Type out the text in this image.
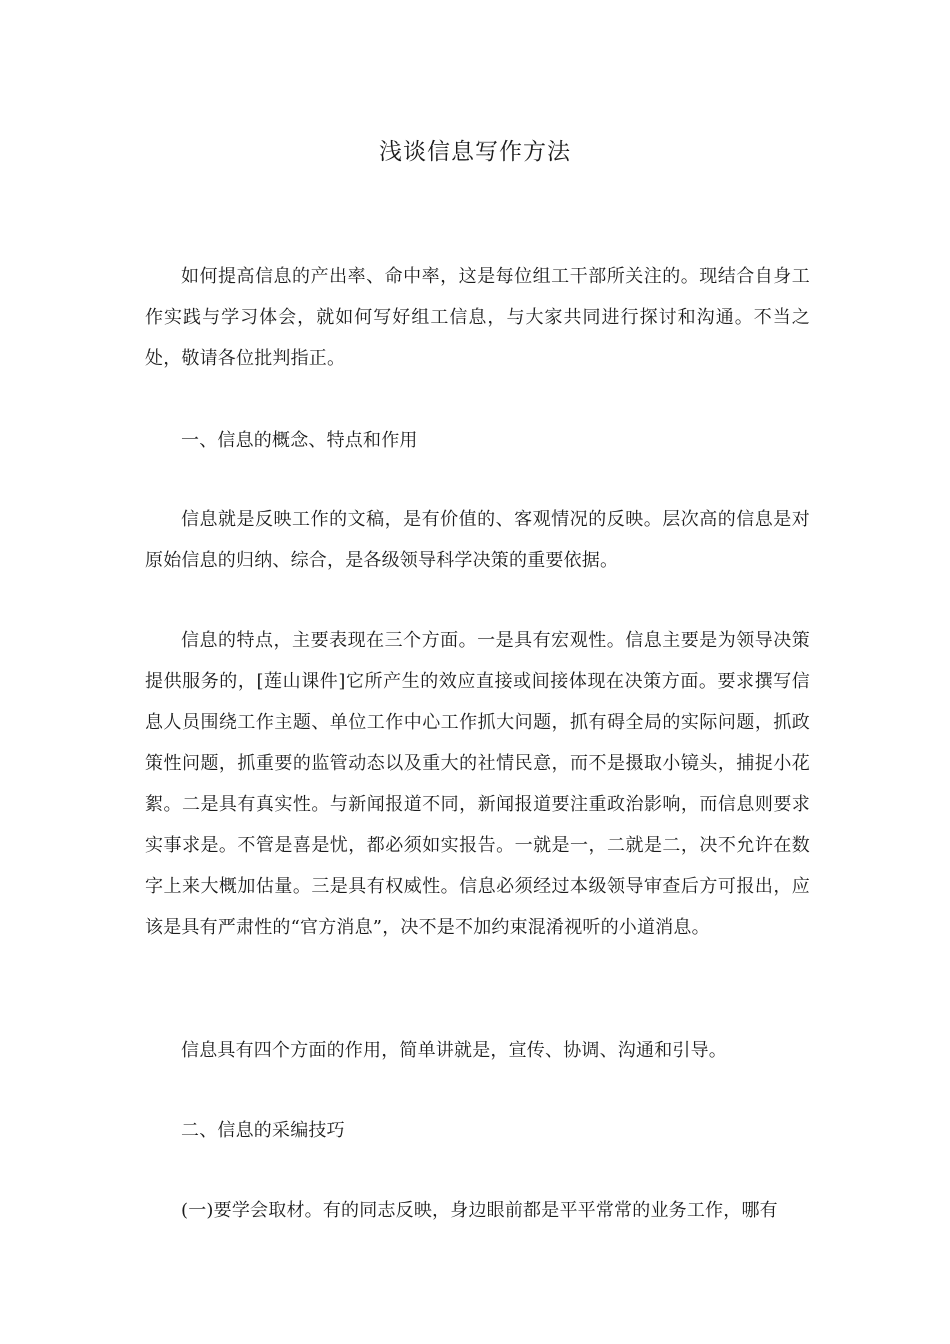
浅谈信息写作方法

如何提高信息的产出率、命中率，这是每位组工干部所关注的。现结合自身工作实践与学习体会，就如何写好组工信息，与大家共同进行探讨和沟通。不当之处，敬请各位批判指正。

一、信息的概念、特点和作用

信息就是反映工作的文稿，是有价值的、客观情况的反映。层次高的信息是对原始信息的归纳、综合，是各级领导科学决策的重要依据。

信息的特点，主要表现在三个方面。一是具有宏观性。信息主要是为领导决策提供服务的，[莲山课件]它所产生的效应直接或间接体现在决策方面。要求撰写信息人员围绕工作主题、单位工作中心工作抓大问题，抓有碍全局的实际问题，抓政策性问题，抓重要的监管动态以及重大的社情民意，而不是摄取小镜头，捕捉小花絮。二是具有真实性。与新闻报道不同，新闻报道要注重政治影响，而信息则要求实事求是。不管是喜是忧，都必须如实报告。一就是一，二就是二，决不允许在数字上来大概加估量。三是具有权威性。信息必须经过本级领导审查后方可报出，应该是具有严肃性的“官方消息”，决不是不加约束混淆视听的小道消息。

信息具有四个方面的作用，简单讲就是，宣传、协调、沟通和引导。

二、信息的采编技巧

(一)要学会取材。有的同志反映，身边眼前都是平平常常的业务工作，哪有
